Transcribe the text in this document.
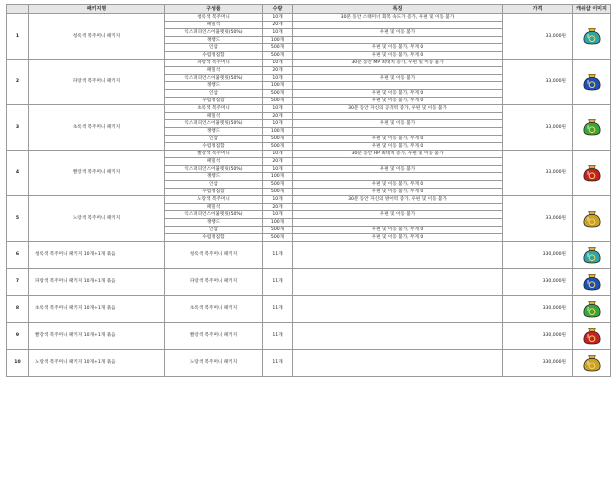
	패키지명	구성품	수량	특징	가격	캐쉬샵 이미지
1	청록색 복주머니 패키지	청록색 복주머니	10개	30분 동안 스태미너 회복 속도가 증가, 우편 및 이동 불가	33,000원	

		패밀석	20개			
		익스퍼피언스어뮬렛릿(50%)	10개	우편 및 이동 불가		
		쟁행드	100개			
		인삼	500개	우편 및 이동 불가, 무게 0		
		수렵정집함	500개	우편 및 이동 불가, 무게 0		
2	파랑색 복주머니 패키지	파랑색 복주머니	10개	30분 동안 MP 최대치 증가, 우편 및 이동 불가	33,000원	

		패밀석	20개			
		익스퍼피언스어뮬렛릿(50%)	10개	우편 및 이동 불가		
		쟁행드	100개			
		인삼	500개	우편 및 이동 불가, 무게 0		
		수렵정집함	500개	우편 및 이동 불가, 무게 0		
3	초록색 복주머니 패키지	초록색 복주머니	10개	30분 동안 자신의 공격력 증가, 우편 및 이동 불가	33,000원	

		패밀석	20개			
		익스퍼피언스어뮬렛릿(50%)	10개	우편 및 이동 불가		
		쟁행드	100개			
		인삼	500개	우편 및 이동 불가, 무게 0		
		수렵정집함	500개	우편 및 이동 불가, 무게 0		
4	빨강색 복주머니 패키지	빨강색 복주머니	10개	30분 동안 HP 최대치 증가, 우편 및 이동 불가	33,000원	

		패밀석	20개			
		익스퍼피언스어뮬렛릿(50%)	10개	우편 및 이동 불가		
		쟁행드	100개			
		인삼	500개	우편 및 이동 불가, 무게 0		
		수렵정집함	500개	우편 및 이동 불가, 무게 0		
5	노랑색 복주머니 패키지	노랑색 복주머니	10개	30분 동안 자신의 방어력 증가, 우편 및 이동 불가	33,000원	

		패밀석	20개			
		익스퍼피언스어뮬렛릿(50%)	10개	우편 및 이동 불가		
		쟁행드	100개			
		인삼	500개	우편 및 이동 불가, 무게 0		
		수렵정집함	500개	우편 및 이동 불가, 무게 0		
6	청록색 복주머니 패키지 10개+1개 묶음	청록색 복주머니 패키지	11개		330,000원	

7	파랑색 복주머니 패키지 10개+1개 묶음	파랑색 복주머니 패키지	11개		330,000원	

8	초록색 복주머니 패키지 10개+1개 묶음	초록색 복주머니 패키지	11개		330,000원	

9	빨강색 복주머니 패키지 10개+1개 묶음	빨강색 복주머니 패키지	11개		330,000원	

10	노랑색 복주머니 패키지 10개+1개 묶음	노랑색 복주머니 패키지	11개		330,000원	
